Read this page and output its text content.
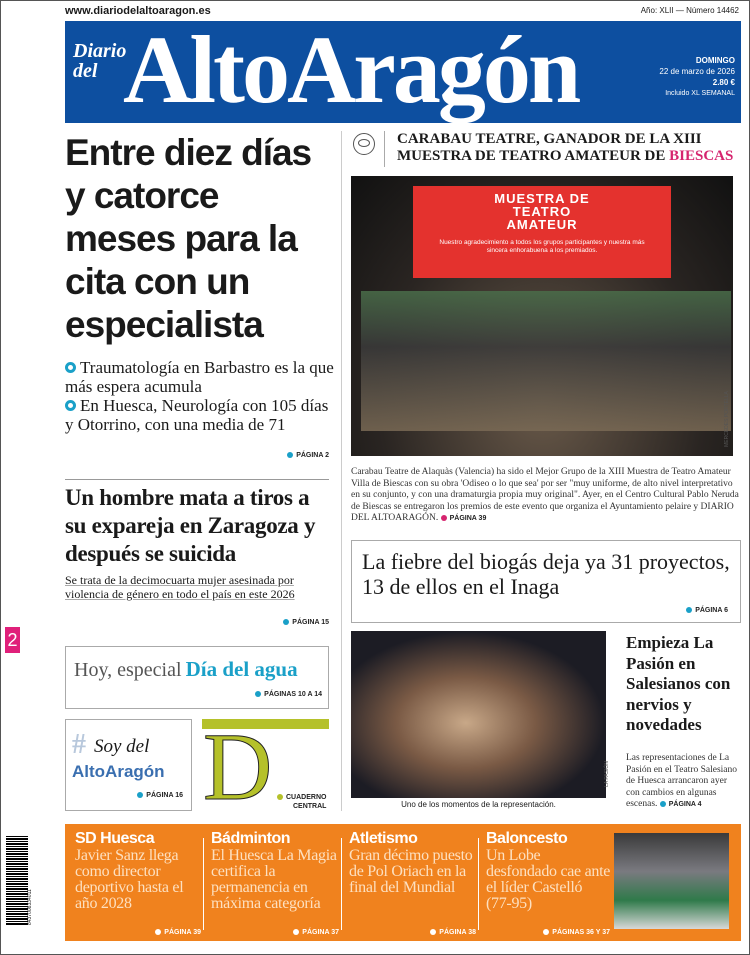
www.diariodelaltoaragon.es	Año: XLII — Número 14462
Diario
del AltoAragón	DOMINGO
22 de marzo de 2026
2.80 €
Incluido XL SEMANAL
Entre diez días y catorce meses para la cita con un especialista
Traumatología en Barbastro es la que más espera acumula
En Huesca, Neurología con 105 días y Otorrino, con una media de 71
PÁGINA 2
Un hombre mata a tiros a su expareja en Zaragoza y después se suicida
Se trata de la decimocuarta mujer asesinada por violencia de género en todo el país en este 2026
PÁGINA 15
2
Hoy, especial Día del agua
PÁGINAS 10 A 14
# Soy del
AltoAragón
PÁGINA 16 D	CUADERNO
CENTRAL
CARABAU TEATRE, GANADOR DE LA XIII MUESTRA DE TEATRO AMATEUR DE BIESCAS
MUESTRA DE TEATRO AMATEUR
Nuestro agradecimiento a todos los grupos participantes y nuestra más sincera enhorabuena a los premiados.
MERCEDES PORTELLA
Carabau Teatre de Alaquàs (Valencia) ha sido el Mejor Grupo de la XIII Muestra de Teatro Amateur Villa de Biescas con su obra 'Odiseo o lo que sea' por ser "muy uniforme, de alto nivel interpretativo en su conjunto, y con una dramaturgia propia muy original". Ayer, en el Centro Cultural Pablo Neruda de Biescas se entregaron los premios de este evento que organiza el Ayuntamiento pelaire y DIARIO DEL ALTOARAGÓN. PÁGINA 39
La fiebre del biogás deja ya 31 proyectos, 13 de ellos en el Inaga
PÁGINA 6
LA PASIÓN
Uno de los momentos de la representación.
Empieza La Pasión en Salesianos con nervios y novedades
Las representaciones de La Pasión en el Teatro Salesiano de Huesca arrancaron ayer con cambios en algunas escenas. PÁGINA 4
8437008334011
SD Huesca

Javier Sanz llega como director deportivo hasta el año 2028

PÁGINA 39
Bádminton

El Huesca La Magia certifica la permanencia en máxima categoría

PÁGINA 37
Atletismo

Gran décimo puesto de Pol Oriach en la final del Mundial

PÁGINA 38
Baloncesto

Un Lobe desfondado cae ante el líder Castelló (77-95)

PÁGINAS 36 Y 37
